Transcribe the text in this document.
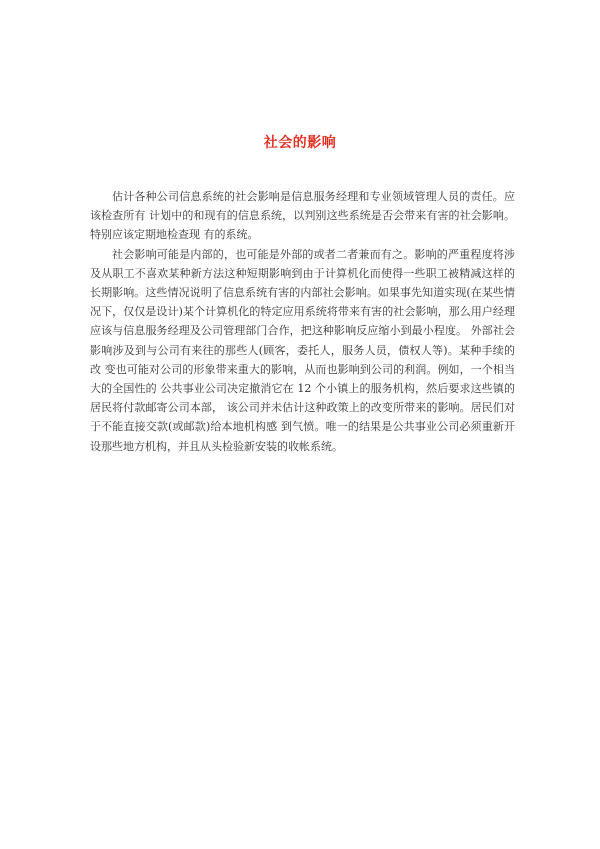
社会的影响

估计各种公司信息系统的社会影响是信息服务经理和专业领域管理人员的责任。应该检查所有 计划中的和现有的信息系统，以判别这些系统是否会带来有害的社会影响。特别应该定期地检查现 有的系统。

社会影响可能是内部的，也可能是外部的或者二者兼而有之。影响的严重程度将涉及从职工不喜欢某种新方法这种短期影响到由于计算机化而使得一些职工被精减这样的长期影响。这些情况说明了信息系统有害的内部社会影响。如果事先知道实现(在某些情况下，仅仅是设计)某个计算机化的特定应用系统将带来有害的社会影响，那么用户经理应该与信息服务经理及公司管理部门合作，把这种影响反应缩小到最小程度。 外部社会影响涉及到与公司有来往的那些人(顾客，委托人，服务人员，债权人等)。某种手续的改 变也可能对公司的形象带来重大的影响，从而也影响到公司的利润。例如，一个相当大的全国性的 公共事业公司决定撤消它在 12 个小镇上的服务机构，然后要求这些镇的居民将付款邮寄公司本部， 该公司并未估计这种政策上的改变所带来的影响。居民们对于不能直接交款(或邮款)给本地机构感 到气愤。唯一的结果是公共事业公司必须重新开设那些地方机构，并且从头检验新安装的收帐系统。
